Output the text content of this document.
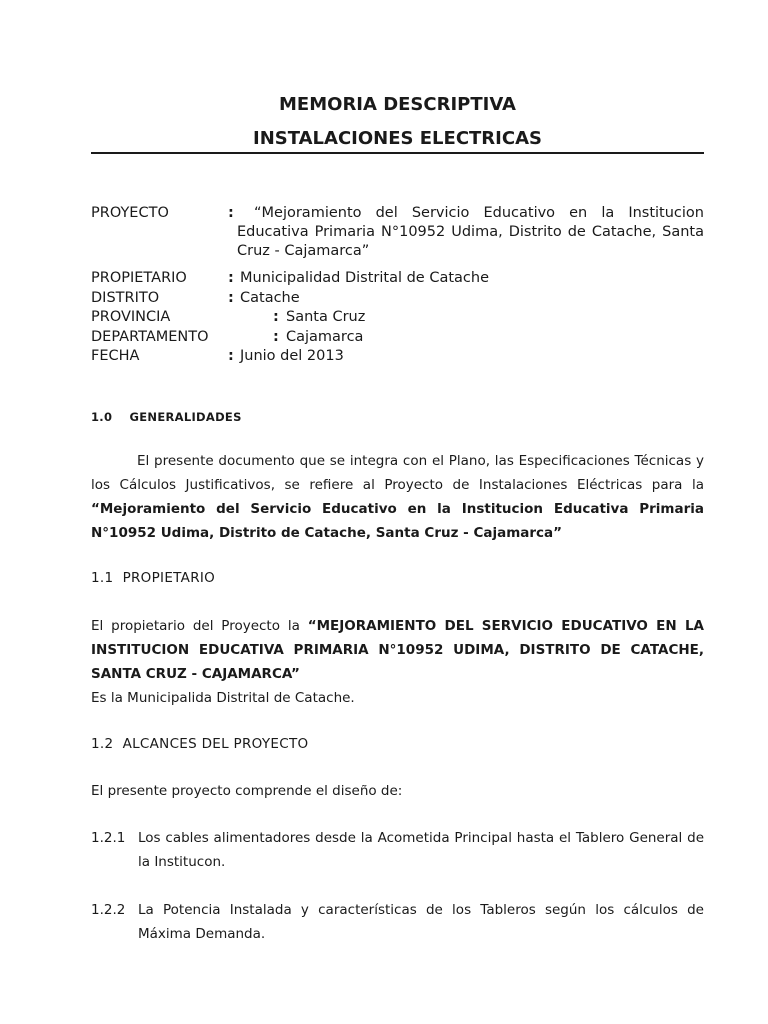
MEMORIA DESCRIPTIVA
INSTALACIONES ELECTRICAS
PROYECTO	:	“Mejoramiento del Servicio Educativo en la Institucion Educativa Primaria N°10952 Udima, Distrito de Catache, Santa Cruz - Cajamarca”
PROPIETARIO	: Municipalidad Distrital de Catache
DISTRITO	: Catache
PROVINCIA	: Santa Cruz
DEPARTAMENTO	: Cajamarca
FECHA	: Junio del 2013
1.0 GENERALIDADES
El presente documento que se integra con el Plano, las Especificaciones Técnicas y los Cálculos Justificativos, se refiere al Proyecto de Instalaciones Eléctricas para la “Mejoramiento del Servicio Educativo en la Institucion Educativa Primaria N°10952 Udima, Distrito de Catache, Santa Cruz - Cajamarca”
1.1 PROPIETARIO
El propietario del Proyecto la “MEJORAMIENTO DEL SERVICIO EDUCATIVO EN LA INSTITUCION EDUCATIVA PRIMARIA N°10952 UDIMA, DISTRITO DE CATACHE, SANTA CRUZ - CAJAMARCA”
Es la Municipalida Distrital de Catache.
1.2 ALCANCES DEL PROYECTO
El presente proyecto comprende el diseño de:
1.2.1 Los cables alimentadores desde la Acometida Principal hasta el Tablero General de la Institucon.
1.2.2 La Potencia Instalada y características de los Tableros según los cálculos de Máxima Demanda.
